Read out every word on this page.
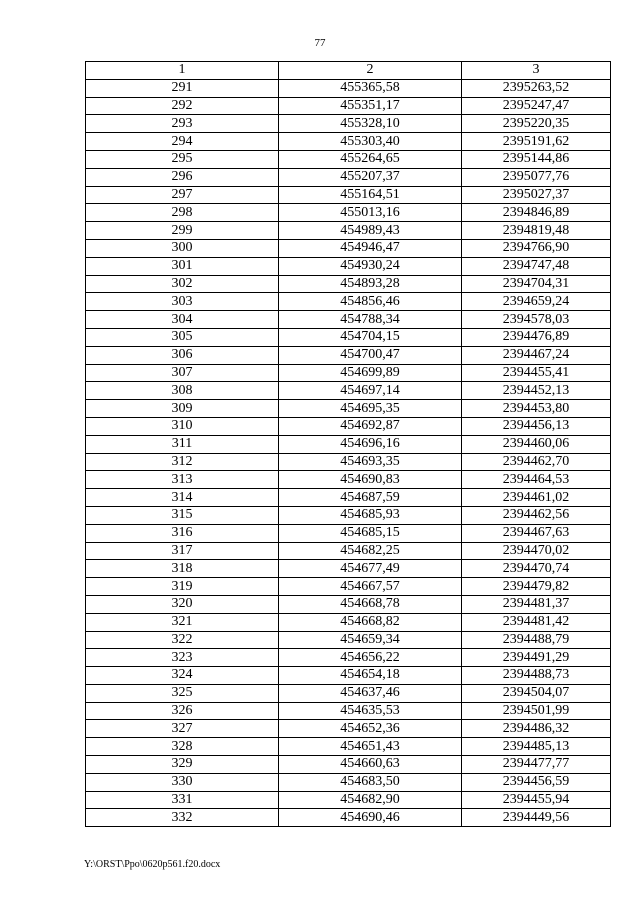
77
1	2	3
291	455365,58	2395263,52
292	455351,17	2395247,47
293	455328,10	2395220,35
294	455303,40	2395191,62
295	455264,65	2395144,86
296	455207,37	2395077,76
297	455164,51	2395027,37
298	455013,16	2394846,89
299	454989,43	2394819,48
300	454946,47	2394766,90
301	454930,24	2394747,48
302	454893,28	2394704,31
303	454856,46	2394659,24
304	454788,34	2394578,03
305	454704,15	2394476,89
306	454700,47	2394467,24
307	454699,89	2394455,41
308	454697,14	2394452,13
309	454695,35	2394453,80
310	454692,87	2394456,13
311	454696,16	2394460,06
312	454693,35	2394462,70
313	454690,83	2394464,53
314	454687,59	2394461,02
315	454685,93	2394462,56
316	454685,15	2394467,63
317	454682,25	2394470,02
318	454677,49	2394470,74
319	454667,57	2394479,82
320	454668,78	2394481,37
321	454668,82	2394481,42
322	454659,34	2394488,79
323	454656,22	2394491,29
324	454654,18	2394488,73
325	454637,46	2394504,07
326	454635,53	2394501,99
327	454652,36	2394486,32
328	454651,43	2394485,13
329	454660,63	2394477,77
330	454683,50	2394456,59
331	454682,90	2394455,94
332	454690,46	2394449,56
Y:\ORST\Ppo\0620p561.f20.docx
